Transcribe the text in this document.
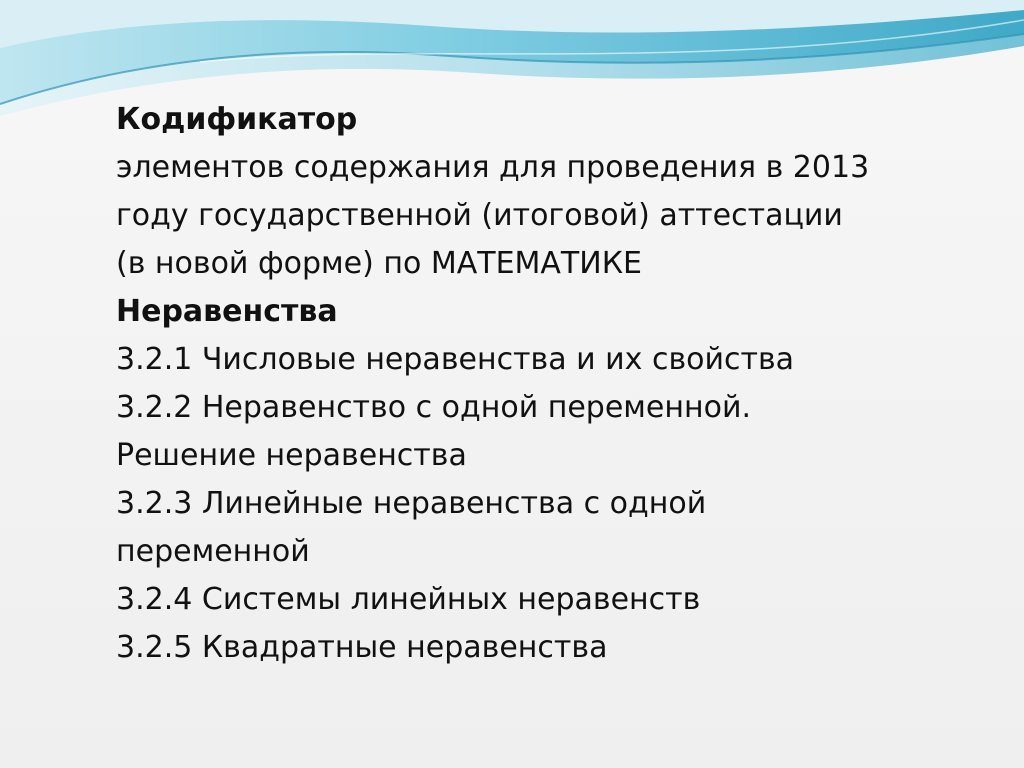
Кодификатор
элементов содержания для проведения в 2013
году государственной (итоговой) аттестации
(в новой форме) по МАТЕМАТИКЕ
Неравенства
3.2.1 Числовые неравенства и их свойства
3.2.2 Неравенство с одной переменной.
Решение неравенства
3.2.3 Линейные неравенства с одной
переменной
3.2.4 Системы линейных неравенств
3.2.5 Квадратные неравенства
